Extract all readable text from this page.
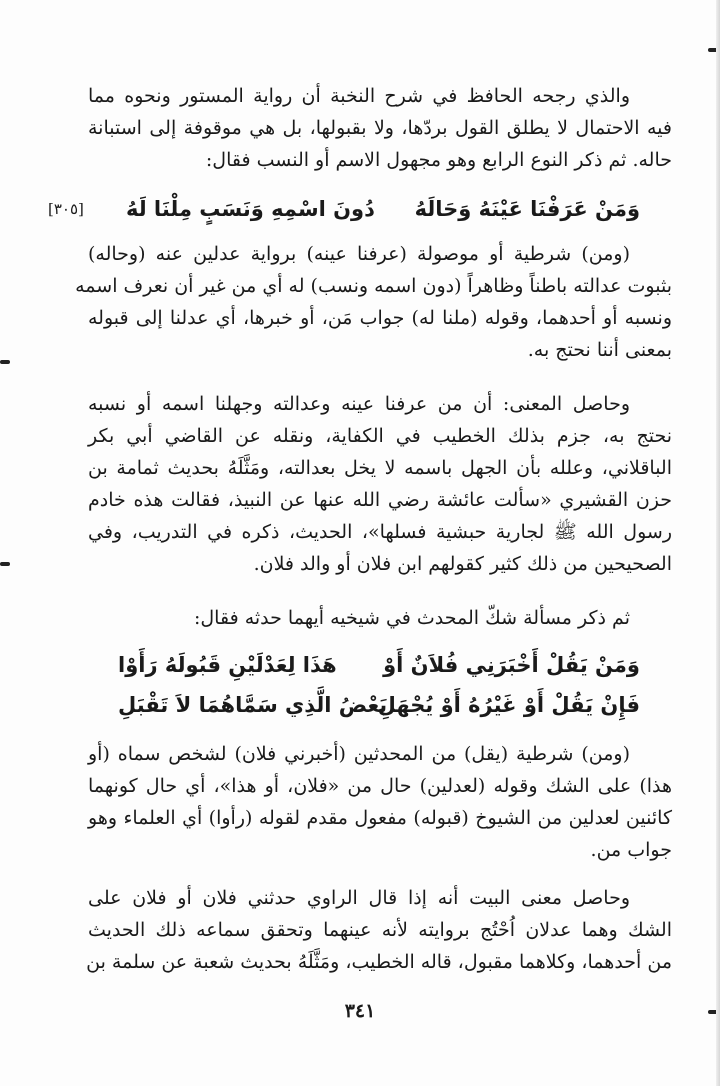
والذي رجحه الحافظ في شرح النخبة أن رواية المستور ونحوه مما
فيه الاحتمال لا يطلق القول بردّها، ولا بقبولها، بل هي موقوفة إلى استبانة
حاله. ثم ذكر النوع الرابع وهو مجهول الاسم أو النسب فقال:
وَمَنْ عَرَفْنَا عَيْنَهُ وَحَالَهُ
دُونَ اسْمِهِ وَنَسَبٍ مِلْنَا لَهُ
[٣٠٥]
(ومن) شرطية أو موصولة (عرفنا عينه) برواية عدلين عنه (وحاله)
بثبوت عدالته باطناً وظاهراً (دون اسمه ونسب) له أي من غير أن نعرف اسمه
ونسبه أو أحدهما، وقوله (ملنا له) جواب مَن، أو خبرها، أي عدلنا إلى قبوله
بمعنى أننا نحتج به.
وحاصل المعنى: أن من عرفنا عينه وعدالته وجهلنا اسمه أو نسبه
نحتج به، جزم بذلك الخطيب في الكفاية، ونقله عن القاضي أبي بكر
الباقلاني، وعلله بأن الجهل باسمه لا يخل بعدالته، ومَثَّلَهُ بحديث ثمامة بن
حزن القشيري «سألت عائشة رضي الله عنها عن النبيذ، فقالت هذه خادم
رسول الله ﷺ لجارية حبشية فسلها»، الحديث، ذكره في التدريب، وفي
الصحيحين من ذلك كثير كقولهم ابن فلان أو والد فلان.
ثم ذكر مسألة شكّ المحدث في شيخيه أيهما حدثه فقال:
وَمَنْ يَقُلْ أَخْبَرَنِي فُلاَنٌ أَوْ
هَذَا لِعَدْلَيْنِ قَبُولَهُ رَأَوْا
فَإِنْ يَقُلْ أَوْ غَيْرُهُ أَوْ يُجْهَلِ
بَعْضُ الَّذِي سَمَّاهُمَا لاَ تَقْبَلِ
(ومن) شرطية (يقل) من المحدثين (أخبرني فلان) لشخص سماه (أو
هذا) على الشك وقوله (لعدلين) حال من «فلان، أو هذا»، أي حال كونهما
كائنين لعدلين من الشيوخ (قبوله) مفعول مقدم لقوله (رأوا) أي العلماء وهو
جواب من.
وحاصل معنى البيت أنه إذا قال الراوي حدثني فلان أو فلان على
الشك وهما عدلان اُحْتُج بروايته لأنه عينهما وتحقق سماعه ذلك الحديث
من أحدهما، وكلاهما مقبول، قاله الخطيب، ومَثَّلَهُ بحديث شعبة عن سلمة بن
٣٤١
